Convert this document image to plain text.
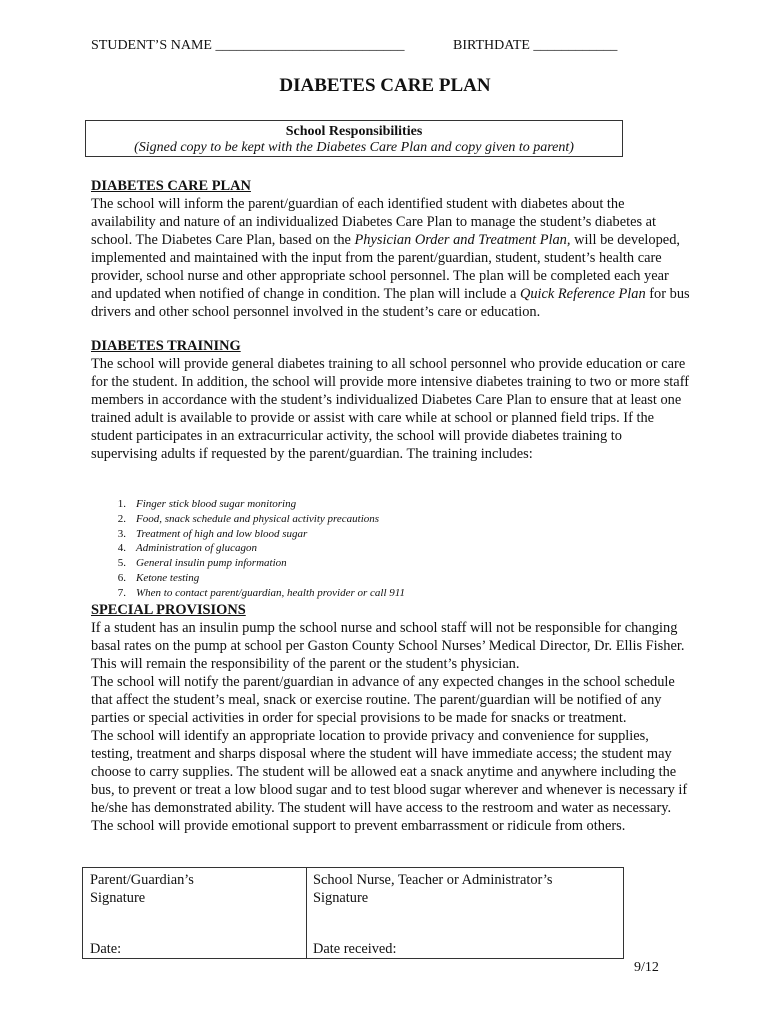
STUDENT’S NAME ___________________________	BIRTHDATE ____________
DIABETES CARE PLAN
School Responsibilities
(Signed copy to be kept with the Diabetes Care Plan and copy given to parent)
DIABETES CARE PLAN

The school will inform the parent/guardian of each identified student with diabetes about the availability and nature of an individualized Diabetes Care Plan to manage the student’s diabetes at school. The Diabetes Care Plan, based on the Physician Order and Treatment Plan, will be developed, implemented and maintained with the input from the parent/guardian, student, student’s health care provider, school nurse and other appropriate school personnel. The plan will be completed each year and updated when notified of change in condition. The plan will include a Quick Reference Plan for bus drivers and other school personnel involved in the student’s care or education.

DIABETES TRAINING

The school will provide general diabetes training to all school personnel who provide education or care for the student. In addition, the school will provide more intensive diabetes training to two or more staff members in accordance with the student’s individualized Diabetes Care Plan to ensure that at least one trained adult is available to provide or assist with care while at school or planned field trips. If the student participates in an extracurricular activity, the school will provide diabetes training to supervising adults if requested by the parent/guardian. The training includes:

1. Finger stick blood sugar monitoring
2. Food, snack schedule and physical activity precautions
3. Treatment of high and low blood sugar
4. Administration of glucagon
5. General insulin pump information
6. Ketone testing
7. When to contact parent/guardian, health provider or call 911
SPECIAL PROVISIONS

If a student has an insulin pump the school nurse and school staff will not be responsible for changing basal rates on the pump at school per Gaston County School Nurses’ Medical Director, Dr. Ellis Fisher. This will remain the responsibility of the parent or the student’s physician.

The school will notify the parent/guardian in advance of any expected changes in the school schedule that affect the student’s meal, snack or exercise routine. The parent/guardian will be notified of any parties or special activities in order for special provisions to be made for snacks or treatment.

The school will identify an appropriate location to provide privacy and convenience for supplies, testing, treatment and sharps disposal where the student will have immediate access; the student may choose to carry supplies. The student will be allowed eat a snack anytime and anywhere including the bus, to prevent or treat a low blood sugar and to test blood sugar wherever and whenever is necessary if he/she has demonstrated ability. The student will have access to the restroom and water as necessary. The school will provide emotional support to prevent embarrassment or ridicule from others.

Parent/Guardian’s
Signature
School Nurse, Teacher or Administrator’s
Signature
Date:	Date received:
9/12
